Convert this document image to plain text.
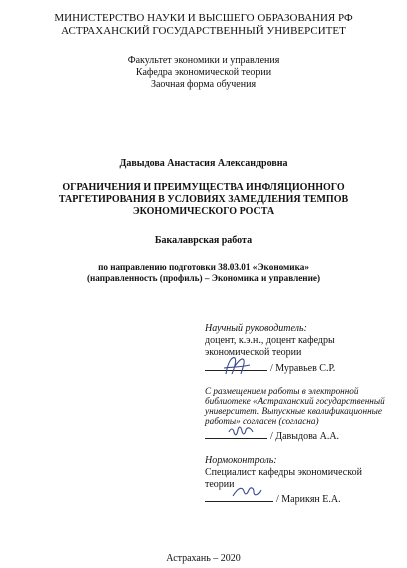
МИНИСТЕРСТВО НАУКИ И ВЫСШЕГО ОБРАЗОВАНИЯ РФ
АСТРАХАНСКИЙ ГОСУДАРСТВЕННЫЙ УНИВЕРСИТЕТ
Факультет экономики и управления
Кафедра экономической теории
Заочная форма обучения
Давыдова Анастасия Александровна
ОГРАНИЧЕНИЯ И ПРЕИМУЩЕСТВА ИНФЛЯЦИОННОГО
ТАРГЕТИРОВАНИЯ В УСЛОВИЯХ ЗАМЕДЛЕНИЯ ТЕМПОВ
ЭКОНОМИЧЕСКОГО РОСТА
Бакалаврская работа
по направлению подготовки 38.03.01 «Экономика»
(направленность (профиль) – Экономика и управление)
Научный руководитель:
доцент, к.э.н., доцент кафедры
экономической теории
/ Муравьев С.Р.
С размещением работы в электронной
библиотеке «Астраханский государственный
университет. Выпускные квалификационные
работы» согласен (согласна)
/ Давыдова А.А.
Нормоконтроль:
Специалист кафедры экономической
теории
/ Марикян Е.А.
Астрахань – 2020
